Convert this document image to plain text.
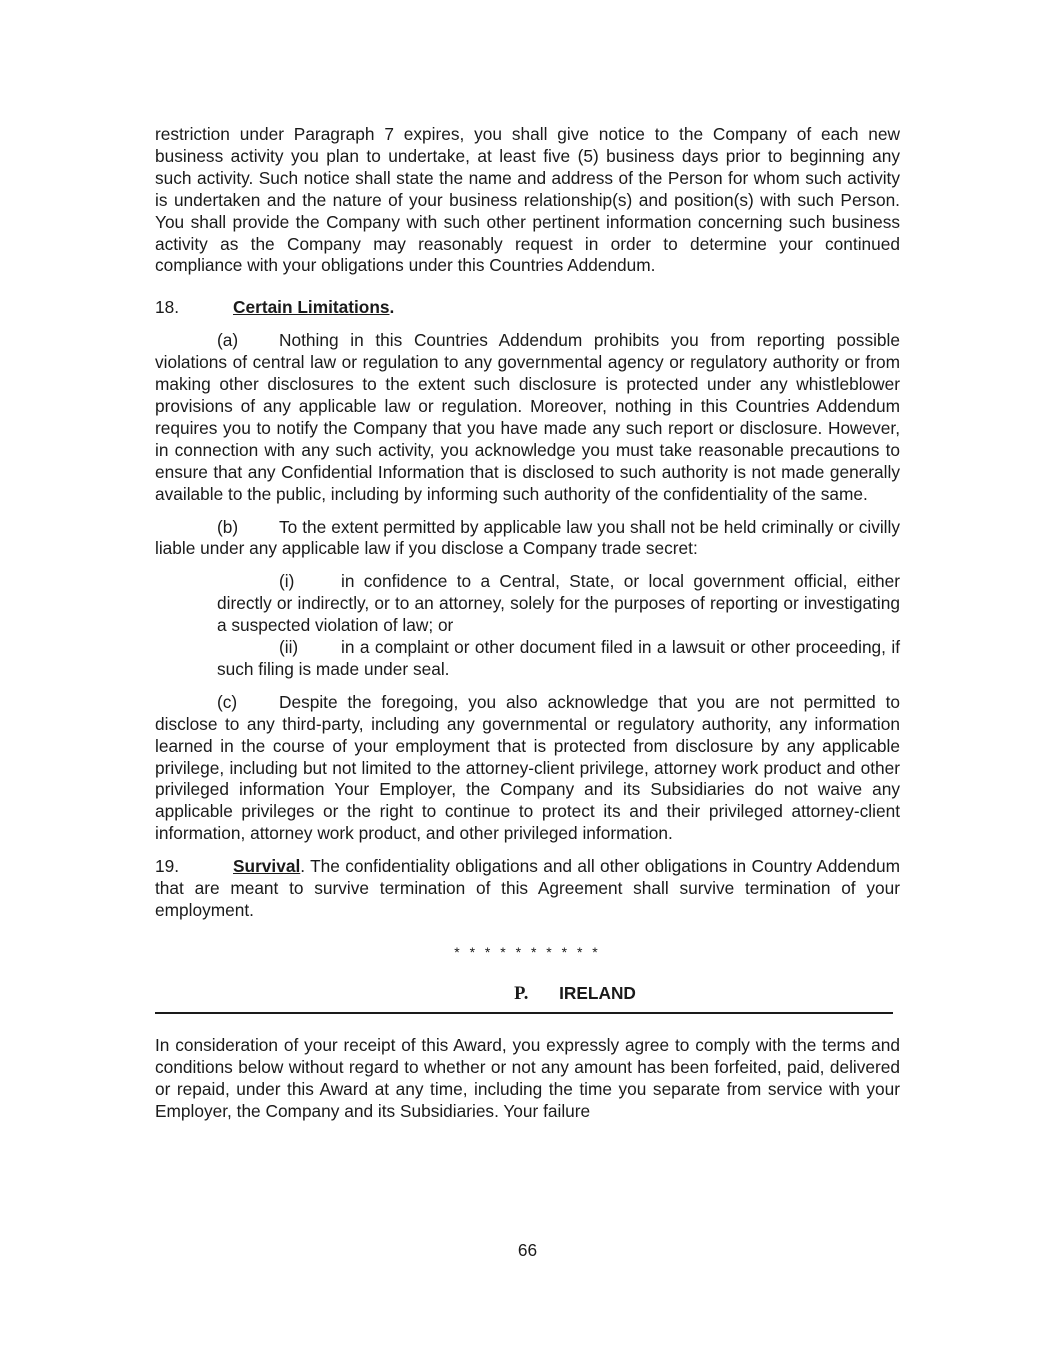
restriction under Paragraph 7 expires, you shall give notice to the Company of each new business activity you plan to undertake, at least five (5) business days prior to beginning any such activity. Such notice shall state the name and address of the Person for whom such activity is undertaken and the nature of your business relationship(s) and position(s) with such Person. You shall provide the Company with such other pertinent information concerning such business activity as the Company may reasonably request in order to determine your continued compliance with your obligations under this Countries Addendum.

18.	Certain Limitations.

(a) Nothing in this Countries Addendum prohibits you from reporting possible violations of central law or regulation to any governmental agency or regulatory authority or from making other disclosures to the extent such disclosure is protected under any whistleblower provisions of any applicable law or regulation. Moreover, nothing in this Countries Addendum requires you to notify the Company that you have made any such report or disclosure. However, in connection with any such activity, you acknowledge you must take reasonable precautions to ensure that any Confidential Information that is disclosed to such authority is not made generally available to the public, including by informing such authority of the confidentiality of the same.

(b) To the extent permitted by applicable law you shall not be held criminally or civilly liable under any applicable law if you disclose a Company trade secret:

(i)	in confidence to a Central, State, or local government official, either directly or indirectly, or to an attorney, solely for the purposes of reporting or investigating a suspected violation of law; or

(ii) in a complaint or other document filed in a lawsuit or other proceeding, if such filing is made under seal.

(c) Despite the foregoing, you also acknowledge that you are not permitted to disclose to any third-party, including any governmental or regulatory authority, any information learned in the course of your employment that is protected from disclosure by any applicable privilege, including but not limited to the attorney-client privilege, attorney work product and other privileged information Your Employer, the Company and its Subsidiaries do not waive any applicable privileges or the right to continue to protect its and their privileged attorney-client information, attorney work product, and other privileged information.

19.	Survival. The confidentiality obligations and all other obligations in Country Addendum that are meant to survive termination of this Agreement shall survive termination of your employment.

* * * * * * * * * *
P. IRELAND

In consideration of your receipt of this Award, you expressly agree to comply with the terms and conditions below without regard to whether or not any amount has been forfeited, paid, delivered or repaid, under this Award at any time, including the time you separate from service with your Employer, the Company and its Subsidiaries. Your failure

66
